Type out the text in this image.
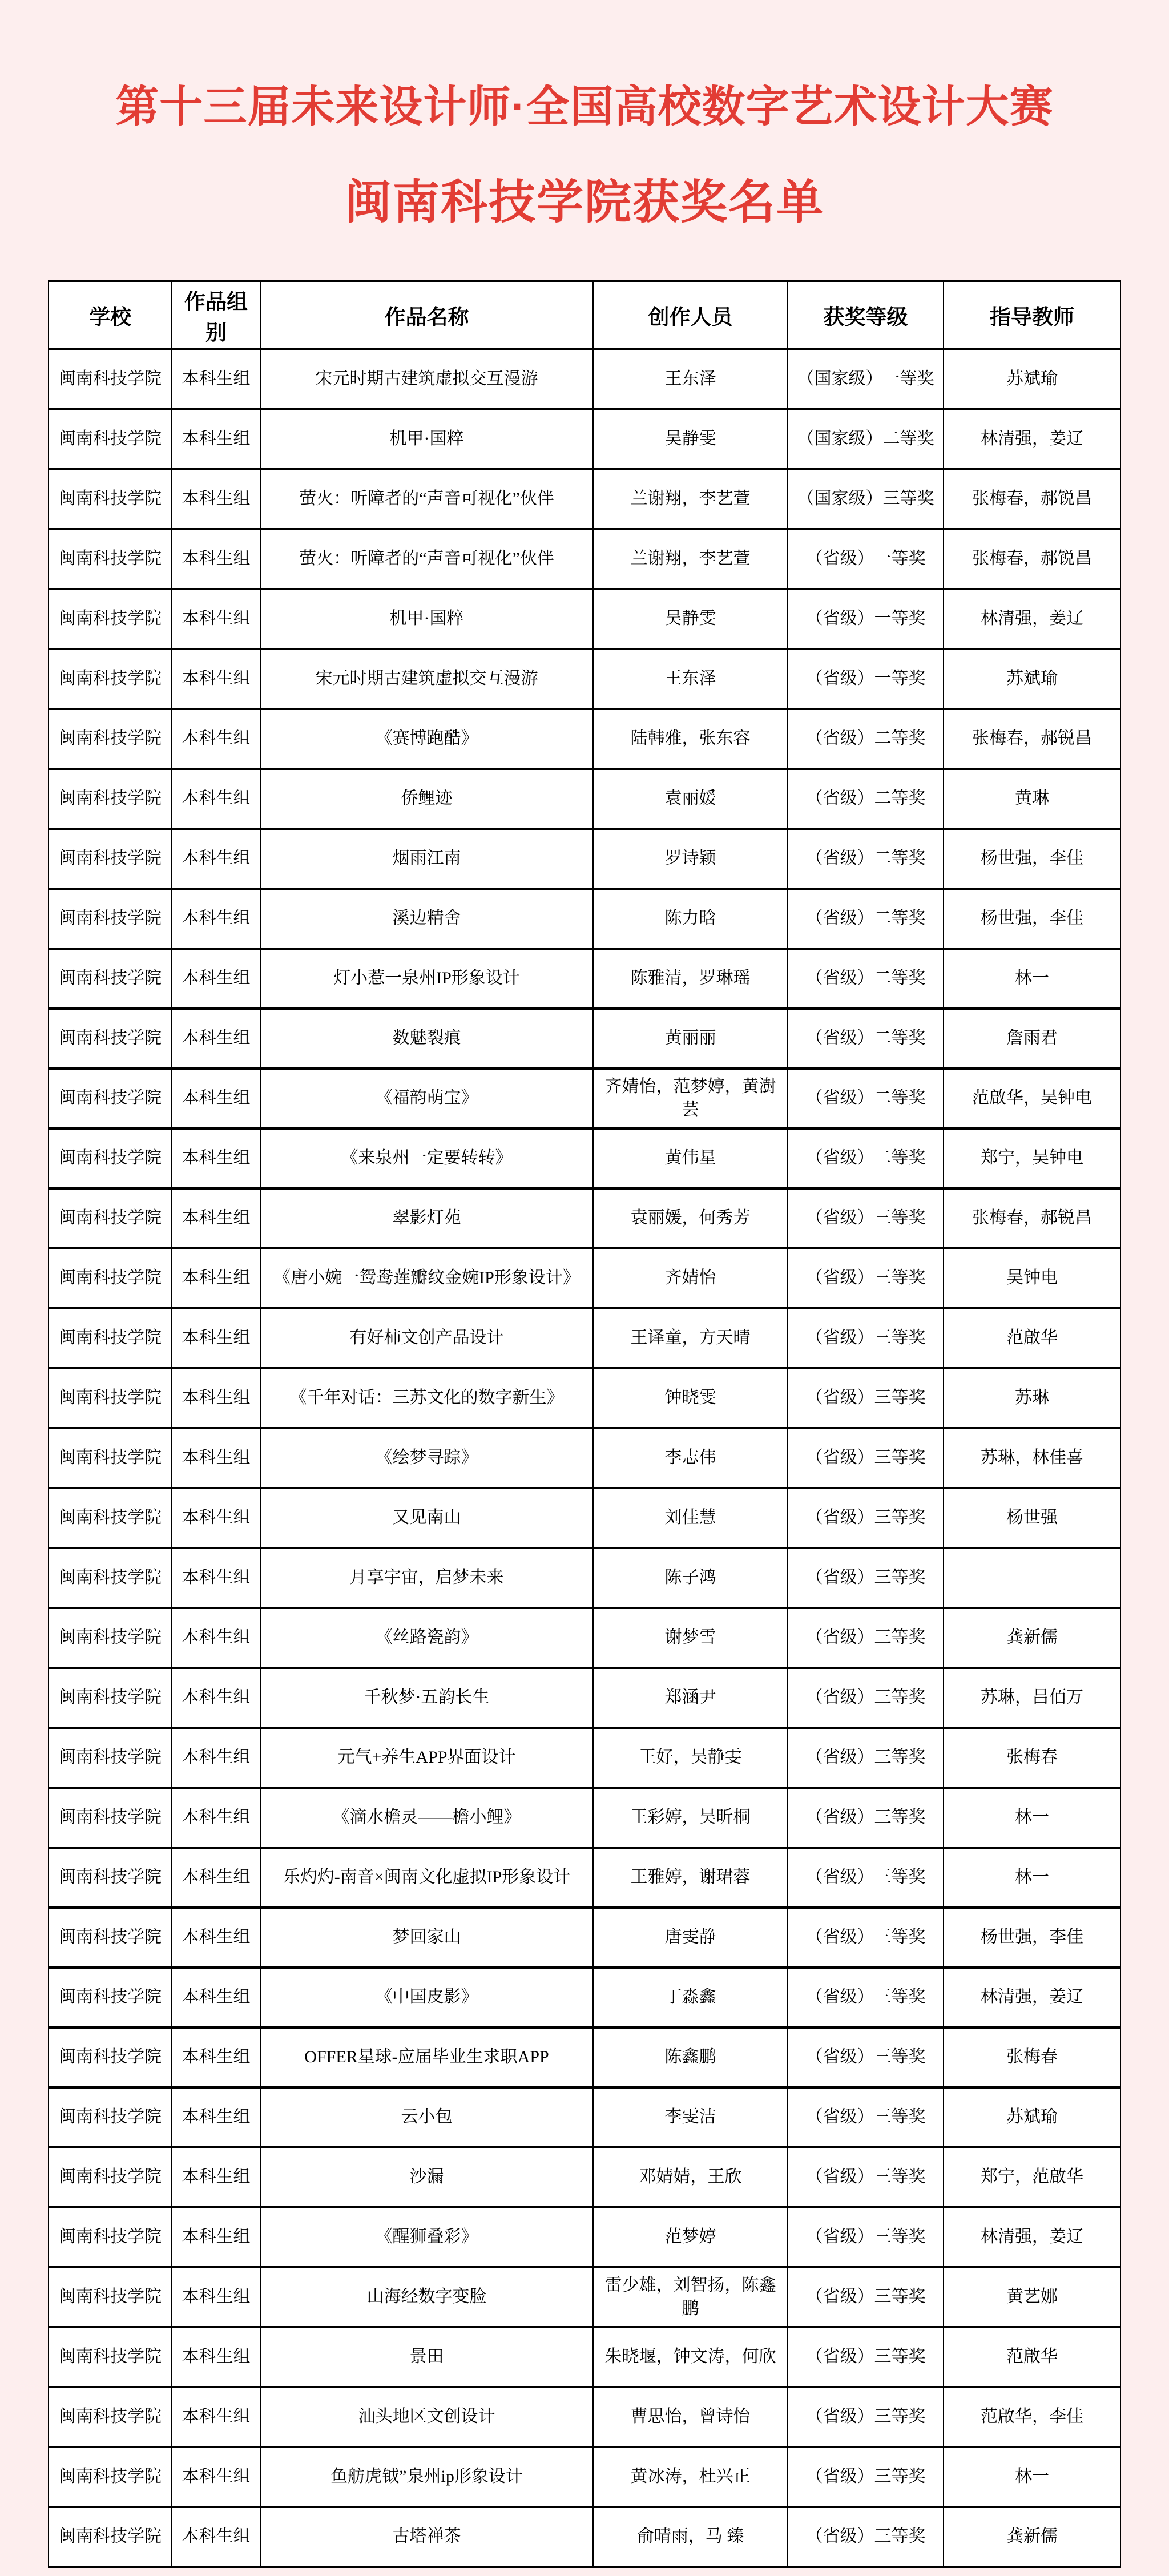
第十三届未来设计师·全国高校数字艺术设计大赛
闽南科技学院获奖名单
学校	作品组别	作品名称	创作人员	获奖等级	指导教师
闽南科技学院	本科生组	宋元时期古建筑虚拟交互漫游	王东泽	（国家级）一等奖	苏斌瑜
闽南科技学院	本科生组	机甲·国粹	吴静雯	（国家级）二等奖	林清强，姜辽
闽南科技学院	本科生组	萤火：听障者的“声音可视化”伙伴	兰谢翔，李艺萱	（国家级）三等奖	张梅春，郝锐昌
闽南科技学院	本科生组	萤火：听障者的“声音可视化”伙伴	兰谢翔，李艺萱	（省级）一等奖	张梅春，郝锐昌
闽南科技学院	本科生组	机甲·国粹	吴静雯	（省级）一等奖	林清强，姜辽
闽南科技学院	本科生组	宋元时期古建筑虚拟交互漫游	王东泽	（省级）一等奖	苏斌瑜
闽南科技学院	本科生组	《赛博跑酷》	陆韩雅，张东容	（省级）二等奖	张梅春，郝锐昌
闽南科技学院	本科生组	侨鲤迹	袁丽媛	（省级）二等奖	黄琳
闽南科技学院	本科生组	烟雨江南	罗诗颖	（省级）二等奖	杨世强，李佳
闽南科技学院	本科生组	溪边精舍	陈力晗	（省级）二等奖	杨世强，李佳
闽南科技学院	本科生组	灯小惹一泉州IP形象设计	陈雅清，罗琳瑶	（省级）二等奖	林一
闽南科技学院	本科生组	数魅裂痕	黄丽丽	（省级）二等奖	詹雨君
闽南科技学院	本科生组	《福韵萌宝》	齐婧怡，范梦婷，黄澍芸	（省级）二等奖	范啟华，吴钟电
闽南科技学院	本科生组	《来泉州一定要转转》	黄伟星	（省级）二等奖	郑宁，吴钟电
闽南科技学院	本科生组	翠影灯苑	袁丽媛，何秀芳	（省级）三等奖	张梅春，郝锐昌
闽南科技学院	本科生组	《唐小婉一鸳鸯莲瓣纹金婉IP形象设计》	齐婧怡	（省级）三等奖	吴钟电
闽南科技学院	本科生组	有好柿文创产品设计	王译童，方天晴	（省级）三等奖	范啟华
闽南科技学院	本科生组	《千年对话：三苏文化的数字新生》	钟晓雯	（省级）三等奖	苏琳
闽南科技学院	本科生组	《绘梦寻踪》	李志伟	（省级）三等奖	苏琳，林佳喜
闽南科技学院	本科生组	又见南山	刘佳慧	（省级）三等奖	杨世强
闽南科技学院	本科生组	月享宇宙，启梦未来	陈子鸿	（省级）三等奖	
闽南科技学院	本科生组	《丝路瓷韵》	谢梦雪	（省级）三等奖	龚新儒
闽南科技学院	本科生组	千秋梦·五韵长生	郑涵尹	（省级）三等奖	苏琳，吕佰万
闽南科技学院	本科生组	元气+养生APP界面设计	王好，吴静雯	（省级）三等奖	张梅春
闽南科技学院	本科生组	《滴水檐灵——檐小鲤》	王彩婷，吴昕桐	（省级）三等奖	林一
闽南科技学院	本科生组	乐灼灼-南音×闽南文化虚拟IP形象设计	王雅婷，谢珺蓉	（省级）三等奖	林一
闽南科技学院	本科生组	梦回家山	唐雯静	（省级）三等奖	杨世强，李佳
闽南科技学院	本科生组	《中国皮影》	丁淼鑫	（省级）三等奖	林清强，姜辽
闽南科技学院	本科生组	OFFER星球-应届毕业生求职APP	陈鑫鹏	（省级）三等奖	张梅春
闽南科技学院	本科生组	云小包	李雯洁	（省级）三等奖	苏斌瑜
闽南科技学院	本科生组	沙漏	邓婧婧，王欣	（省级）三等奖	郑宁，范啟华
闽南科技学院	本科生组	《醒狮叠彩》	范梦婷	（省级）三等奖	林清强，姜辽
闽南科技学院	本科生组	山海经数字变脸	雷少雄，刘智扬，陈鑫鹏	（省级）三等奖	黄艺娜
闽南科技学院	本科生组	景田	朱晓堰，钟文涛，何欣	（省级）三等奖	范啟华
闽南科技学院	本科生组	汕头地区文创设计	曹思怡，曾诗怡	（省级）三等奖	范啟华，李佳
闽南科技学院	本科生组	鱼舫虎钺”泉州ip形象设计	黄冰涛，杜兴正	（省级）三等奖	林一
闽南科技学院	本科生组	古塔禅茶	俞晴雨，马 臻	（省级）三等奖	龚新儒
